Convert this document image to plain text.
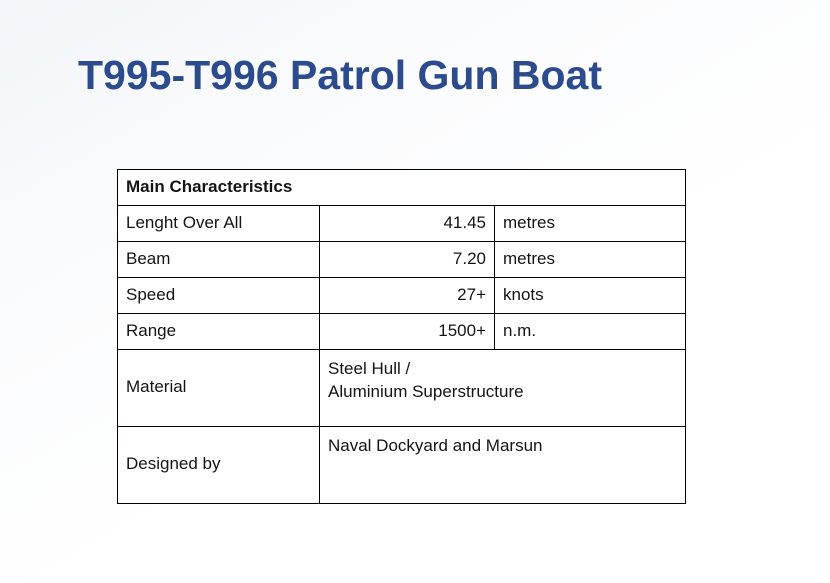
T995-T996 Patrol Gun Boat
Main Characteristics		
Lenght Over All	41.45	metres
Beam	7.20	metres
Speed	27+	knots
Range	1500+	n.m.
Material	Steel Hull /
Aluminium Superstructure	

Designed by	Naval Dockyard and Marsun	
